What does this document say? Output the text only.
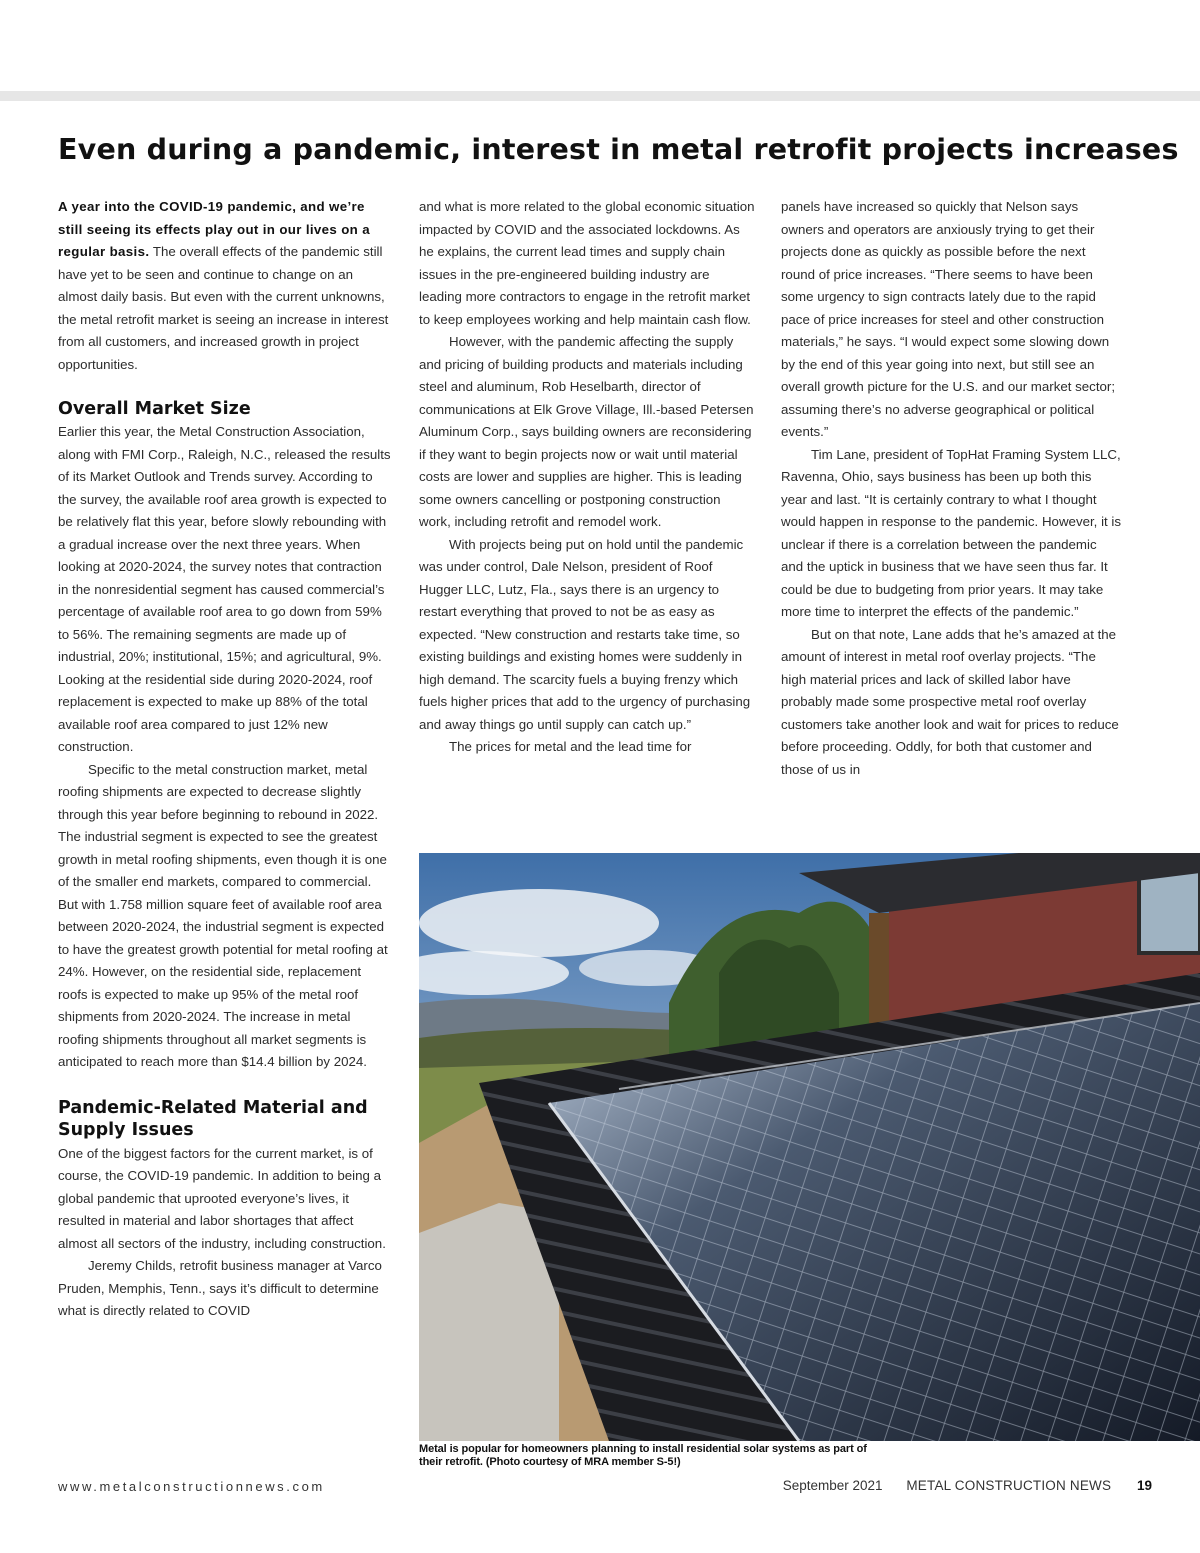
Even during a pandemic, interest in metal retrofit projects increases

A year into the COVID-19 pandemic, and we’re still seeing its effects play out in our lives on a regular basis. The overall effects of the pandemic still have yet to be seen and continue to change on an almost daily basis. But even with the current unknowns, the metal retrofit market is seeing an increase in interest from all customers, and increased growth in project opportunities.

Overall Market Size

Earlier this year, the Metal Construction Association, along with FMI Corp., Raleigh, N.C., released the results of its Market Outlook and Trends survey. According to the survey, the available roof area growth is expected to be relatively flat this year, before slowly rebounding with a gradual increase over the next three years. When looking at 2020-2024, the survey notes that contraction in the nonresidential segment has caused commercial’s percentage of available roof area to go down from 59% to 56%. The remaining segments are made up of industrial, 20%; institutional, 15%; and agricultural, 9%. Looking at the residential side during 2020-2024, roof replacement is expected to make up 88% of the total available roof area compared to just 12% new construction.

Specific to the metal construction market, metal roofing shipments are expected to decrease slightly through this year before beginning to rebound in 2022. The industrial segment is expected to see the greatest growth in metal roofing shipments, even though it is one of the smaller end markets, compared to commercial. But with 1.758 million square feet of available roof area between 2020-2024, the industrial segment is expected to have the greatest growth potential for metal roofing at 24%. However, on the residential side, replacement roofs is expected to make up 95% of the metal roof shipments from 2020-2024. The increase in metal roofing shipments throughout all market segments is anticipated to reach more than $14.4 billion by 2024.

Pandemic-Related Material and Supply Issues

One of the biggest factors for the current market, is of course, the COVID-19 pandemic. In addition to being a global pandemic that uprooted everyone’s lives, it resulted in material and labor shortages that affect almost all sectors of the industry, including construction.

Jeremy Childs, retrofit business manager at Varco Pruden, Memphis, Tenn., says it’s difficult to determine what is directly related to COVID

and what is more related to the global economic situation impacted by COVID and the associated lockdowns. As he explains, the current lead times and supply chain issues in the pre-engineered building industry are leading more contractors to engage in the retrofit market to keep employees working and help maintain cash flow.

However, with the pandemic affecting the supply and pricing of building products and materials including steel and aluminum, Rob Heselbarth, director of communications at Elk Grove Village, Ill.-based Petersen Aluminum Corp., says building owners are reconsidering if they want to begin projects now or wait until material costs are lower and supplies are higher. This is leading some owners cancelling or postponing construction work, including retrofit and remodel work.

With projects being put on hold until the pandemic was under control, Dale Nelson, president of Roof Hugger LLC, Lutz, Fla., says there is an urgency to restart everything that proved to not be as easy as expected. “New construction and restarts take time, so existing buildings and existing homes were suddenly in high demand. The scarcity fuels a buying frenzy which fuels higher prices that add to the urgency of purchasing and away things go until supply can catch up.”

The prices for metal and the lead time for

panels have increased so quickly that Nelson says owners and operators are anxiously trying to get their projects done as quickly as possible before the next round of price increases. “There seems to have been some urgency to sign contracts lately due to the rapid pace of price increases for steel and other construction materials,” he says. “I would expect some slowing down by the end of this year going into next, but still see an overall growth picture for the U.S. and our market sector; assuming there’s no adverse geographical or political events.”

Tim Lane, president of TopHat Framing System LLC, Ravenna, Ohio, says business has been up both this year and last. “It is certainly contrary to what I thought would happen in response to the pandemic. However, it is unclear if there is a correlation between the pandemic and the uptick in business that we have seen thus far. It could be due to budgeting from prior years. It may take more time to interpret the effects of the pandemic.”

But on that note, Lane adds that he’s amazed at the amount of interest in metal roof overlay projects. “The high material prices and lack of skilled labor have probably made some prospective metal roof overlay customers take another look and wait for prices to reduce before proceeding. Oddly, for both that customer and those of us in

Metal is popular for homeowners planning to install residential solar systems as part of their retrofit. (Photo courtesy of MRA member S-5!)

www.metalconstructionnews.com	September 2021 METAL CONSTRUCTION NEWS 19
